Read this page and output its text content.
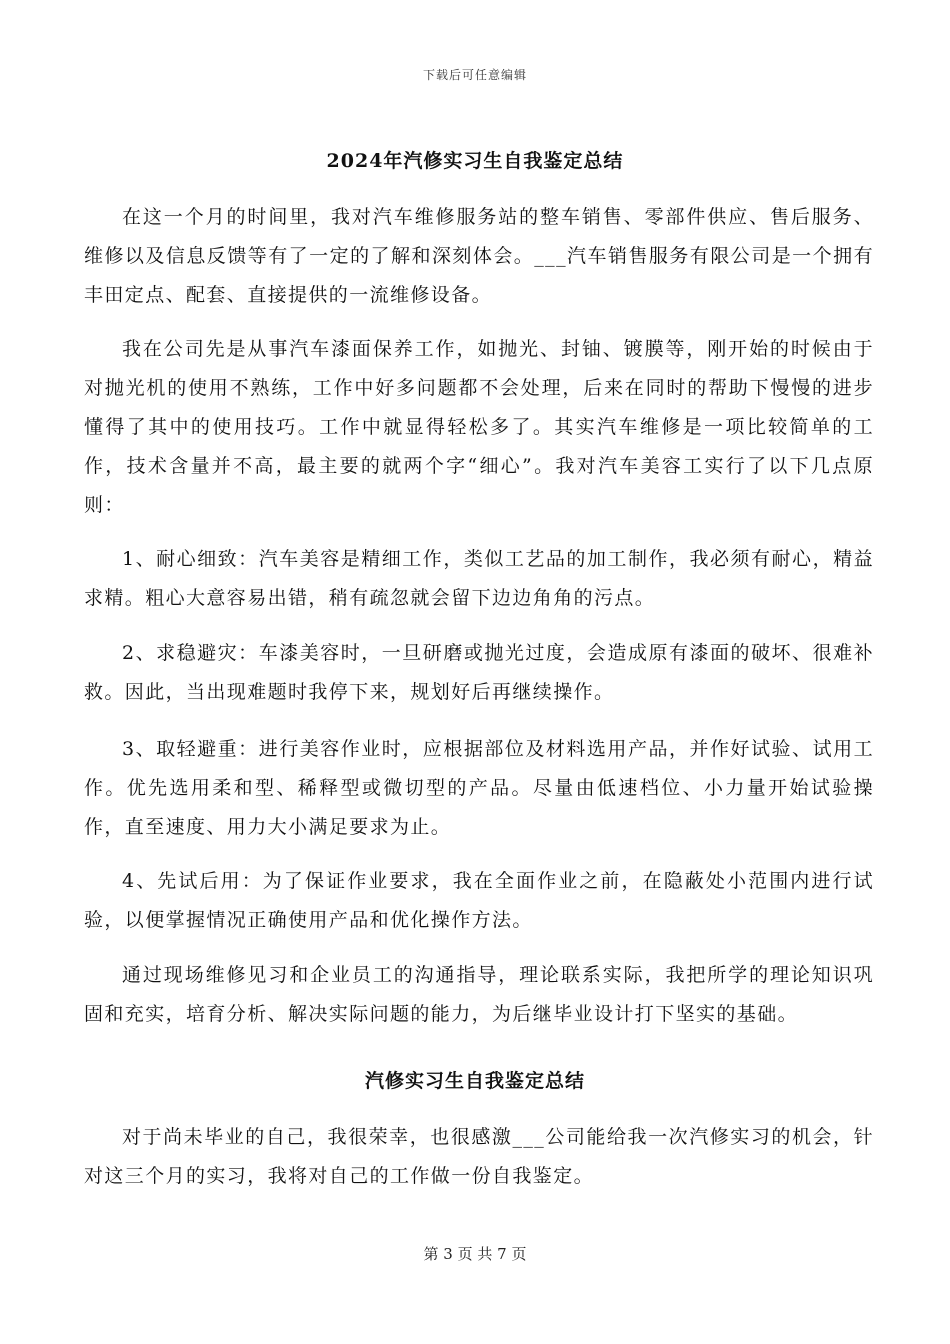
下载后可任意编辑
2024年汽修实习生自我鉴定总结

在这一个月的时间里，我对汽车维修服务站的整车销售、零部件供应、售后服务、维修以及信息反馈等有了一定的了解和深刻体会。___汽车销售服务有限公司是一个拥有丰田定点、配套、直接提供的一流维修设备。

我在公司先是从事汽车漆面保养工作，如抛光、封铀、镀膜等，刚开始的时候由于对抛光机的使用不熟练，工作中好多问题都不会处理，后来在同时的帮助下慢慢的进步懂得了其中的使用技巧。工作中就显得轻松多了。其实汽车维修是一项比较简单的工作，技术含量并不高，最主要的就两个字“细心”。我对汽车美容工实行了以下几点原则：

1、耐心细致：汽车美容是精细工作，类似工艺品的加工制作，我必须有耐心，精益求精。粗心大意容易出错，稍有疏忽就会留下边边角角的污点。

2、求稳避灾：车漆美容时，一旦研磨或抛光过度，会造成原有漆面的破坏、很难补救。因此，当出现难题时我停下来，规划好后再继续操作。

3、取轻避重：进行美容作业时，应根据部位及材料选用产品，并作好试验、试用工作。优先选用柔和型、稀释型或微切型的产品。尽量由低速档位、小力量开始试验操作，直至速度、用力大小满足要求为止。

4、先试后用：为了保证作业要求，我在全面作业之前，在隐蔽处小范围内进行试验，以便掌握情况正确使用产品和优化操作方法。

通过现场维修见习和企业员工的沟通指导，理论联系实际，我把所学的理论知识巩固和充实，培育分析、解决实际问题的能力，为后继毕业设计打下坚实的基础。

汽修实习生自我鉴定总结

对于尚未毕业的自己，我很荣幸，也很感激___公司能给我一次汽修实习的机会，针对这三个月的实习，我将对自己的工作做一份自我鉴定。

第 3 页 共 7 页
